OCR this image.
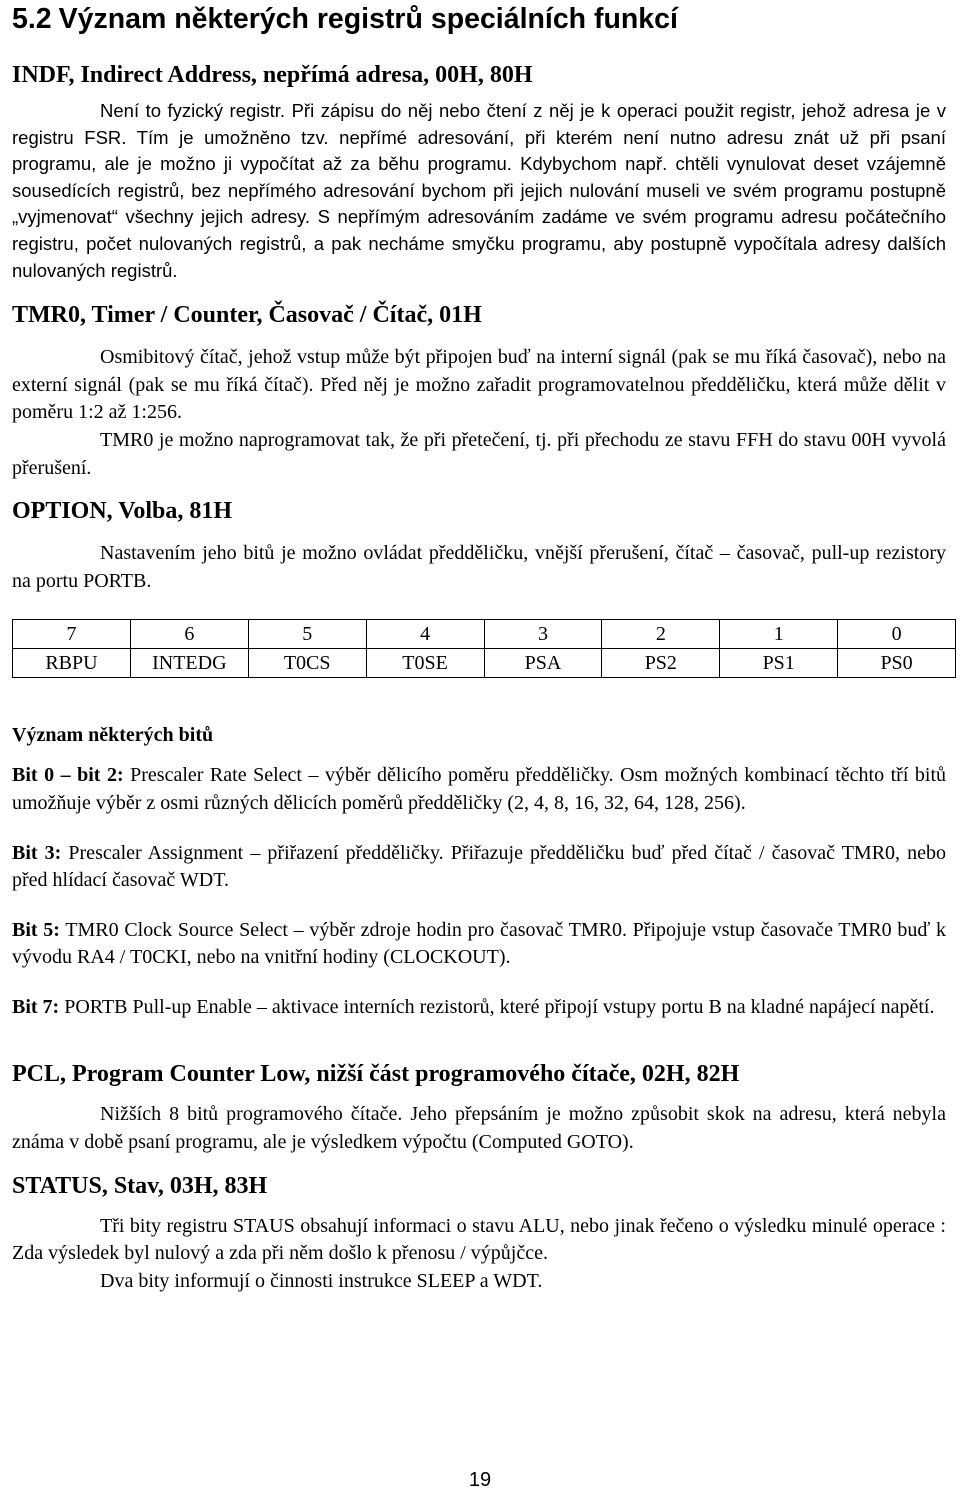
5.2 Význam některých registrů speciálních funkcí
INDF, Indirect Address, nepřímá adresa, 00H, 80H

Není to fyzický registr. Při zápisu do něj nebo čtení z něj je k operaci použit registr, jehož adresa je v registru FSR. Tím je umožněno tzv. nepřímé adresování, při kterém není nutno adresu znát už při psaní programu, ale je možno ji vypočítat až za běhu programu. Kdybychom např. chtěli vynulovat deset vzájemně sousedících registrů, bez nepřímého adresování bychom při jejich nulování museli ve svém programu postupně „vyjmenovat“ všechny jejich adresy. S nepřímým adresováním zadáme ve svém programu adresu počátečního registru, počet nulovaných registrů, a pak necháme smyčku programu, aby postupně vypočítala adresy dalších nulovaných registrů.

TMR0, Timer / Counter, Časovač / Čítač, 01H

Osmibitový čítač, jehož vstup může být připojen buď na interní signál (pak se mu říká časovač), nebo na externí signál (pak se mu říká čítač). Před něj je možno zařadit programovatelnou předděličku, která může dělit v poměru 1:2 až 1:256.

TMR0 je možno naprogramovat tak, že při přetečení, tj. při přechodu ze stavu FFH do stavu 00H vyvolá přerušení.

OPTION, Volba, 81H

Nastavením jeho bitů je možno ovládat předděličku, vnější přerušení, čítač – časovač, pull-up rezistory na portu PORTB.

7	6	5	4	3	2	1	0
RBPU	INTEDG	T0CS	T0SE	PSA	PS2	PS1	PS0
Význam některých bitů

Bit 0 – bit 2: Prescaler Rate Select – výběr dělicího poměru předděličky. Osm možných kombinací těchto tří bitů umožňuje výběr z osmi různých dělicích poměrů předděličky (2, 4, 8, 16, 32, 64, 128, 256).

Bit 3: Prescaler Assignment – přiřazení předděličky. Přiřazuje předděličku buď před čítač / časovač TMR0, nebo před hlídací časovač WDT.

Bit 5: TMR0 Clock Source Select – výběr zdroje hodin pro časovač TMR0. Připojuje vstup časovače TMR0 buď k vývodu RA4 / T0CKI, nebo na vnitřní hodiny (CLOCKOUT).

Bit 7: PORTB Pull-up Enable – aktivace interních rezistorů, které připojí vstupy portu B na kladné napájecí napětí.

PCL, Program Counter Low, nižší část programového čítače, 02H, 82H

Nižších 8 bitů programového čítače. Jeho přepsáním je možno způsobit skok na adresu, která nebyla známa v době psaní programu, ale je výsledkem výpočtu (Computed GOTO).

STATUS, Stav, 03H, 83H

Tři bity registru STAUS obsahují informaci o stavu ALU, nebo jinak řečeno o výsledku minulé operace : Zda výsledek byl nulový a zda při něm došlo k přenosu / výpůjčce.

Dva bity informují o činnosti instrukce SLEEP a WDT.

19
